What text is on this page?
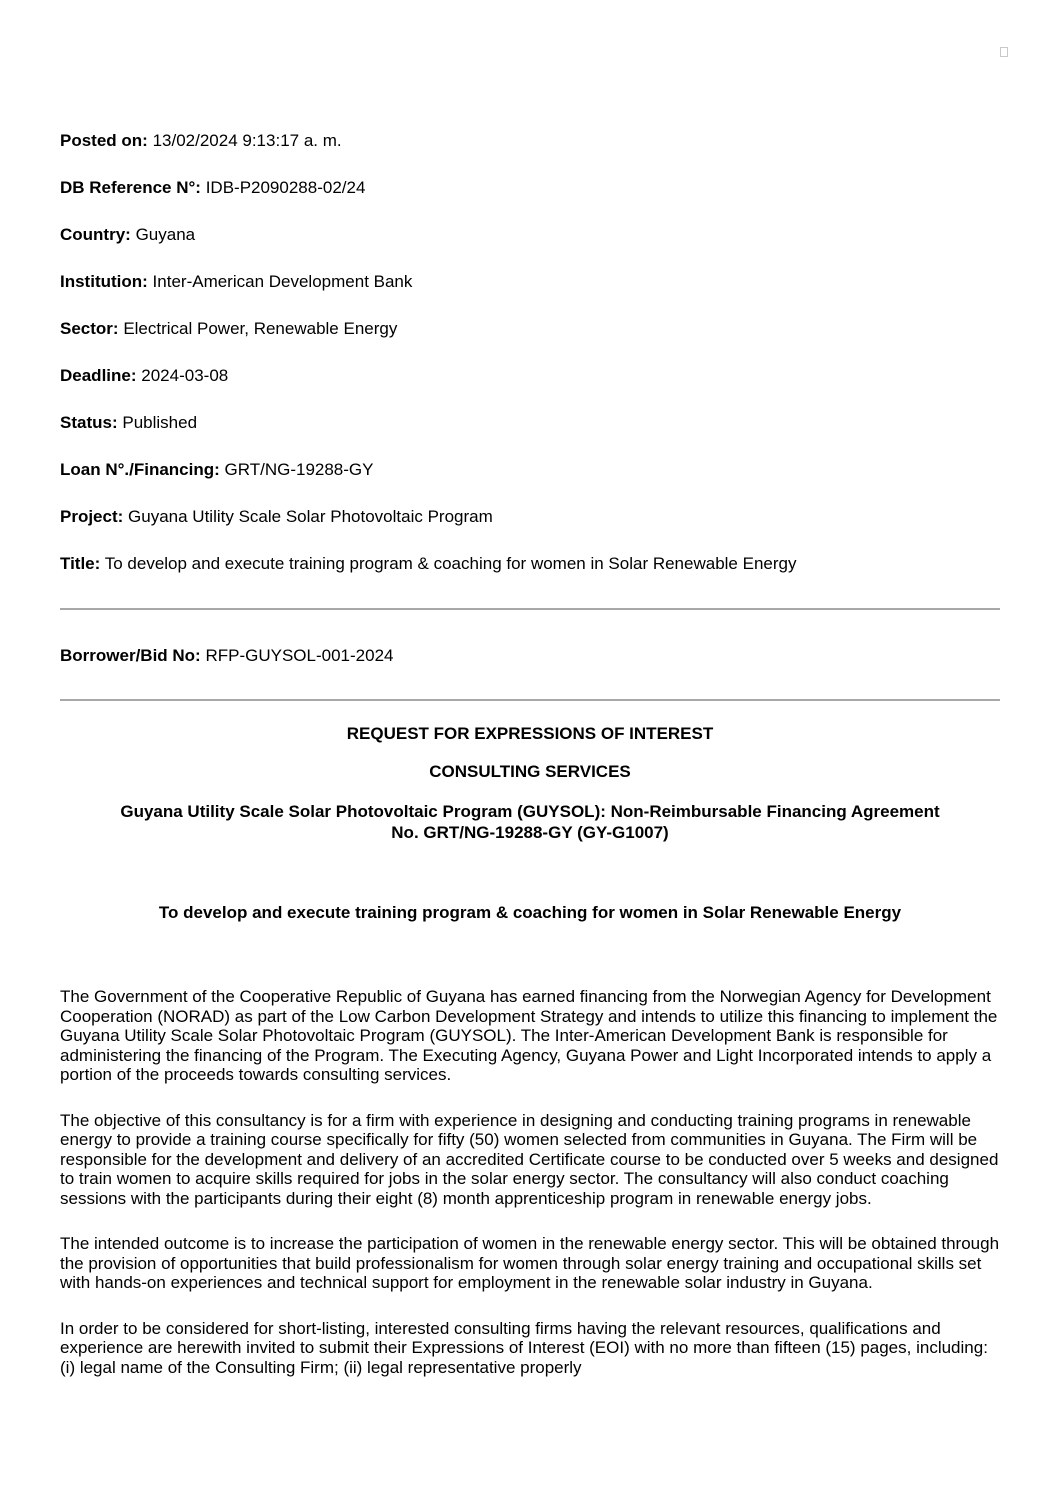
Posted on: 13/02/2024 9:13:17 a. m.
DB Reference N°: IDB-P2090288-02/24
Country: Guyana
Institution: Inter-American Development Bank
Sector: Electrical Power, Renewable Energy
Deadline: 2024-03-08
Status: Published
Loan N°./Financing: GRT/NG-19288-GY
Project: Guyana Utility Scale Solar Photovoltaic Program
Title: To develop and execute training program & coaching for women in Solar Renewable Energy
Borrower/Bid No: RFP-GUYSOL-001-2024
REQUEST FOR EXPRESSIONS OF INTEREST
CONSULTING SERVICES
Guyana Utility Scale Solar Photovoltaic Program (GUYSOL): Non-Reimbursable Financing Agreement No. GRT/NG-19288-GY (GY-G1007)
To develop and execute training program & coaching for women in Solar Renewable Energy

The Government of the Cooperative Republic of Guyana has earned financing from the Norwegian Agency for Development Cooperation (NORAD) as part of the Low Carbon Development Strategy and intends to utilize this financing to implement the Guyana Utility Scale Solar Photovoltaic Program (GUYSOL). The Inter-American Development Bank is responsible for administering the financing of the Program. The Executing Agency, Guyana Power and Light Incorporated intends to apply a portion of the proceeds towards consulting services.

The objective of this consultancy is for a firm with experience in designing and conducting training programs in renewable energy to provide a training course specifically for fifty (50) women selected from communities in Guyana. The Firm will be responsible for the development and delivery of an accredited Certificate course to be conducted over 5 weeks and designed to train women to acquire skills required for jobs in the solar energy sector. The consultancy will also conduct coaching sessions with the participants during their eight (8) month apprenticeship program in renewable energy jobs.

The intended outcome is to increase the participation of women in the renewable energy sector. This will be obtained through the provision of opportunities that build professionalism for women through solar energy training and occupational skills set with hands-on experiences and technical support for employment in the renewable solar industry in Guyana.

In order to be considered for short-listing, interested consulting firms having the relevant resources, qualifications and experience are herewith invited to submit their Expressions of Interest (EOI) with no more than fifteen (15) pages, including: (i) legal name of the Consulting Firm; (ii) legal representative properly
